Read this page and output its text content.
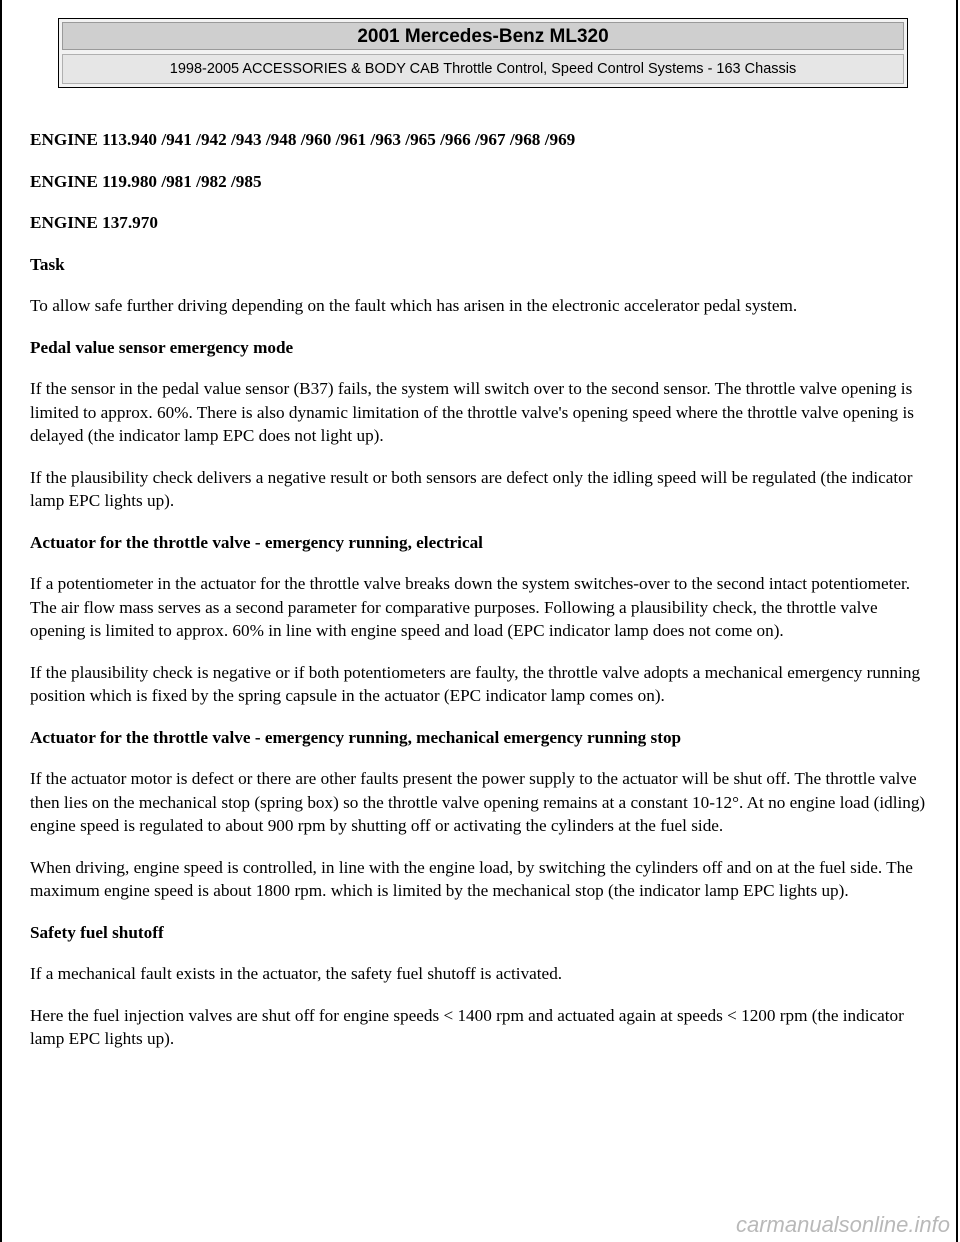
2001 Mercedes-Benz ML320
1998-2005 ACCESSORIES & BODY CAB Throttle Control, Speed Control Systems - 163 Chassis

ENGINE 113.940 /941 /942 /943 /948 /960 /961 /963 /965 /966 /967 /968 /969

ENGINE 119.980 /981 /982 /985

ENGINE 137.970

Task

To allow safe further driving depending on the fault which has arisen in the electronic accelerator pedal system.

Pedal value sensor emergency mode

If the sensor in the pedal value sensor (B37) fails, the system will switch over to the second sensor. The throttle valve opening is limited to approx. 60%. There is also dynamic limitation of the throttle valve's opening speed where the throttle valve opening is delayed (the indicator lamp EPC does not light up).

If the plausibility check delivers a negative result or both sensors are defect only the idling speed will be regulated (the indicator lamp EPC lights up).

Actuator for the throttle valve - emergency running, electrical

If a potentiometer in the actuator for the throttle valve breaks down the system switches-over to the second intact potentiometer. The air flow mass serves as a second parameter for comparative purposes. Following a plausibility check, the throttle valve opening is limited to approx. 60% in line with engine speed and load (EPC indicator lamp does not come on).

If the plausibility check is negative or if both potentiometers are faulty, the throttle valve adopts a mechanical emergency running position which is fixed by the spring capsule in the actuator (EPC indicator lamp comes on).

Actuator for the throttle valve - emergency running, mechanical emergency running stop

If the actuator motor is defect or there are other faults present the power supply to the actuator will be shut off. The throttle valve then lies on the mechanical stop (spring box) so the throttle valve opening remains at a constant 10-12°. At no engine load (idling) engine speed is regulated to about 900 rpm by shutting off or activating the cylinders at the fuel side.

When driving, engine speed is controlled, in line with the engine load, by switching the cylinders off and on at the fuel side. The maximum engine speed is about 1800 rpm. which is limited by the mechanical stop (the indicator lamp EPC lights up).

Safety fuel shutoff

If a mechanical fault exists in the actuator, the safety fuel shutoff is activated.

Here the fuel injection valves are shut off for engine speeds < 1400 rpm and actuated again at speeds < 1200 rpm (the indicator lamp EPC lights up).

carmanualsonline.info
